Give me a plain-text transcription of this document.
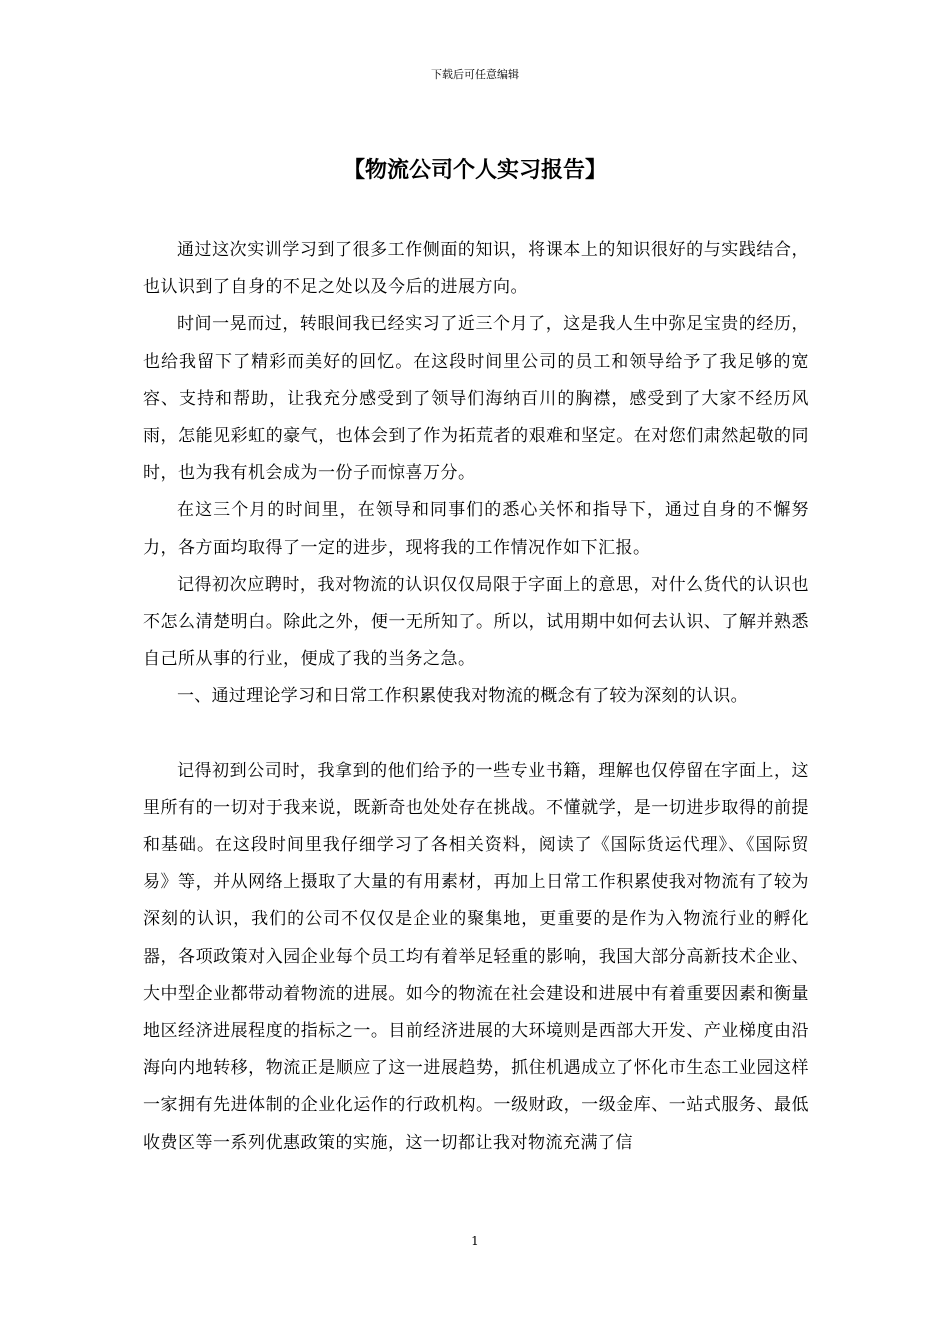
下载后可任意编辑
【物流公司个人实习报告】

通过这次实训学习到了很多工作侧面的知识，将课本上的知识很好的与实践结合，也认识到了自身的不足之处以及今后的进展方向。

时间一晃而过，转眼间我已经实习了近三个月了，这是我人生中弥足宝贵的经历，也给我留下了精彩而美好的回忆。在这段时间里公司的员工和领导给予了我足够的宽容、支持和帮助，让我充分感受到了领导们海纳百川的胸襟，感受到了大家不经历风雨，怎能见彩虹的豪气，也体会到了作为拓荒者的艰难和坚定。在对您们肃然起敬的同时，也为我有机会成为一份子而惊喜万分。

在这三个月的时间里，在领导和同事们的悉心关怀和指导下，通过自身的不懈努力，各方面均取得了一定的进步，现将我的工作情况作如下汇报。

记得初次应聘时，我对物流的认识仅仅局限于字面上的意思，对什么货代的认识也不怎么清楚明白。除此之外，便一无所知了。所以，试用期中如何去认识、了解并熟悉自己所从事的行业，便成了我的当务之急。

一、通过理论学习和日常工作积累使我对物流的概念有了较为深刻的认识。

记得初到公司时，我拿到的他们给予的一些专业书籍，理解也仅停留在字面上，这里所有的一切对于我来说，既新奇也处处存在挑战。不懂就学，是一切进步取得的前提和基础。在这段时间里我仔细学习了各相关资料，阅读了《国际货运代理》、《国际贸易》等，并从网络上摄取了大量的有用素材，再加上日常工作积累使我对物流有了较为深刻的认识，我们的公司不仅仅是企业的聚集地，更重要的是作为入物流行业的孵化器，各项政策对入园企业每个员工均有着举足轻重的影响，我国大部分高新技术企业、大中型企业都带动着物流的进展。如今的物流在社会建设和进展中有着重要因素和衡量地区经济进展程度的指标之一。目前经济进展的大环境则是西部大开发、产业梯度由沿海向内地转移，物流正是顺应了这一进展趋势，抓住机遇成立了怀化市生态工业园这样一家拥有先进体制的企业化运作的行政机构。一级财政，一级金库、一站式服务、最低收费区等一系列优惠政策的实施，这一切都让我对物流充满了信

1
